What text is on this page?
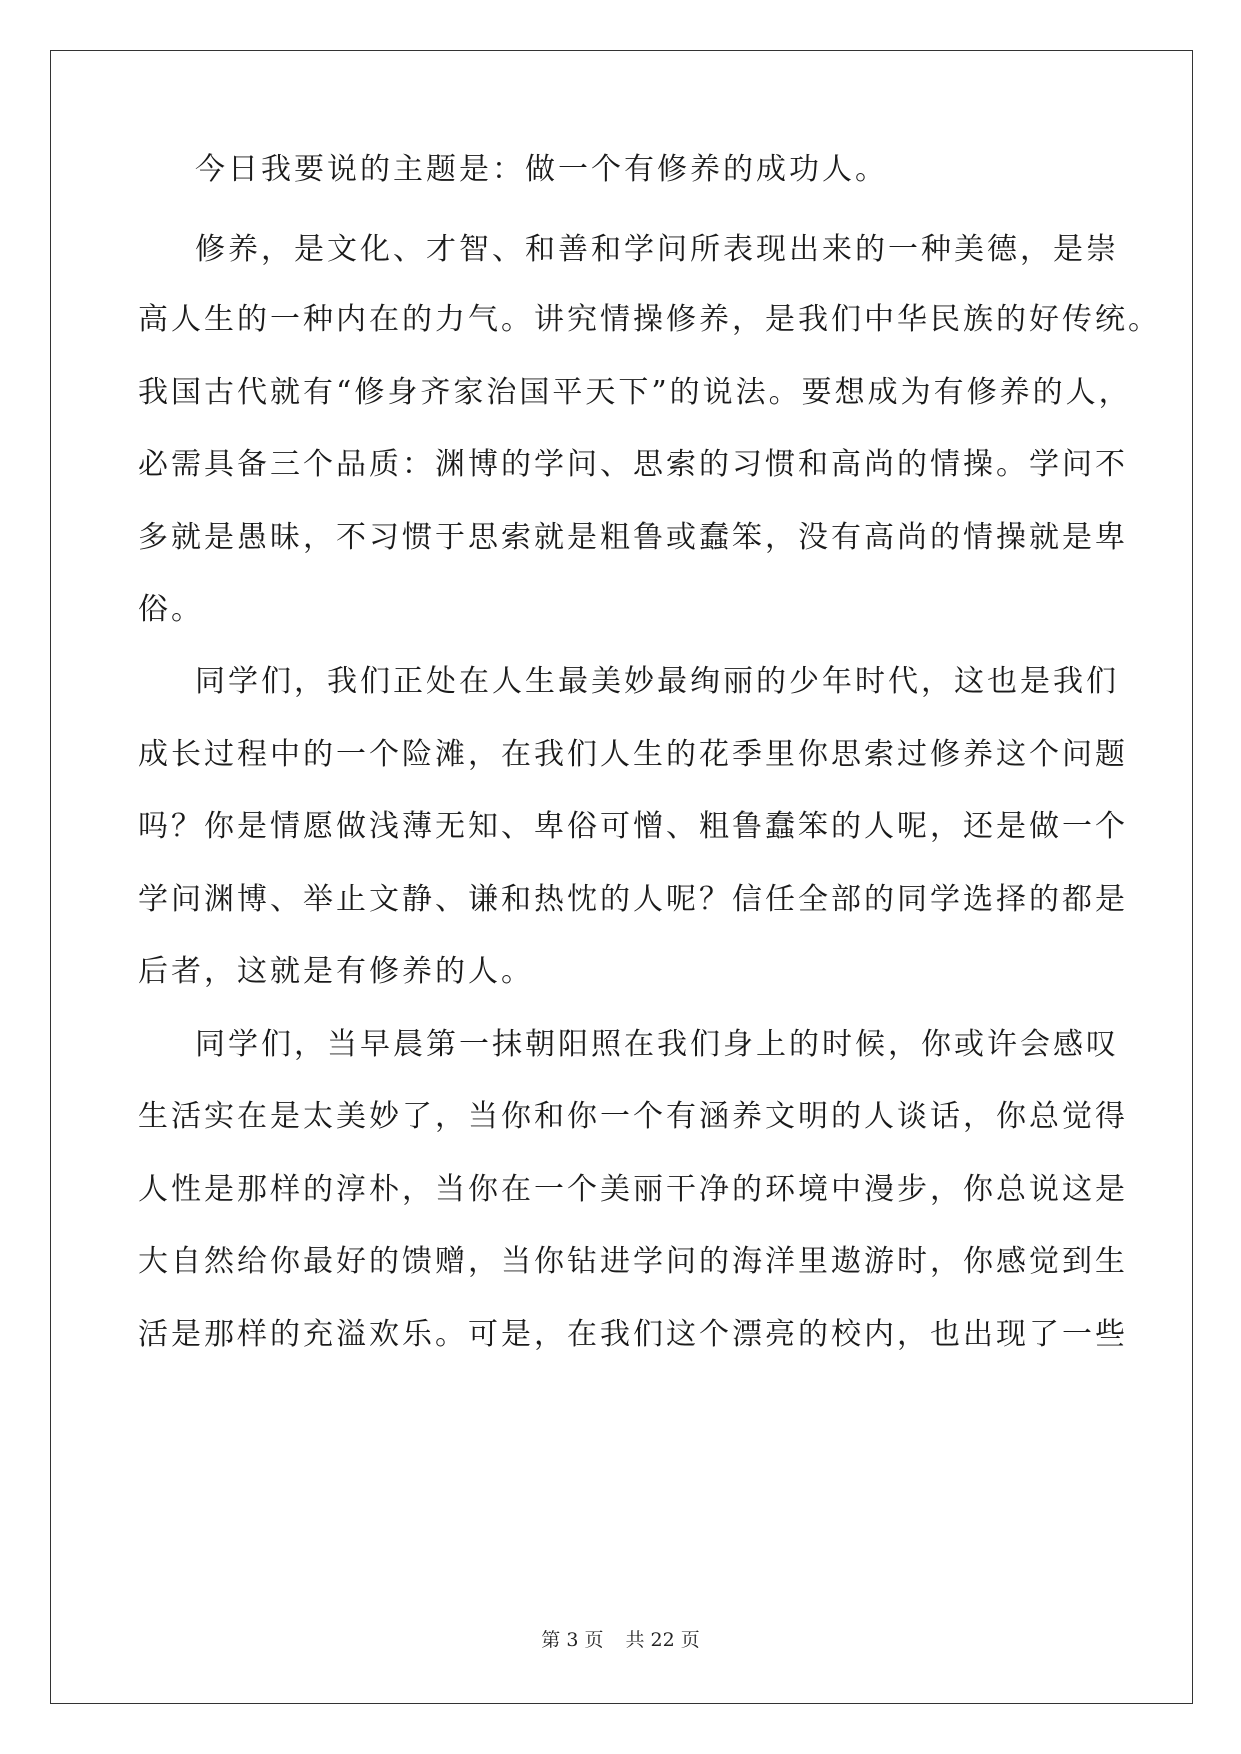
今日我要说的主题是：做一个有修养的成功人。
修养，是文化、才智、和善和学问所表现出来的一种美德，是崇
高人生的一种内在的力气。讲究情操修养，是我们中华民族的好传统。
我国古代就有“修身齐家治国平天下”的说法。要想成为有修养的人，
必需具备三个品质：渊博的学问、思索的习惯和高尚的情操。学问不
多就是愚昧，不习惯于思索就是粗鲁或蠢笨，没有高尚的情操就是卑
俗。
同学们，我们正处在人生最美妙最绚丽的少年时代，这也是我们
成长过程中的一个险滩，在我们人生的花季里你思索过修养这个问题
吗？你是情愿做浅薄无知、卑俗可憎、粗鲁蠢笨的人呢，还是做一个
学问渊博、举止文静、谦和热忱的人呢？信任全部的同学选择的都是
后者，这就是有修养的人。
同学们，当早晨第一抹朝阳照在我们身上的时候，你或许会感叹
生活实在是太美妙了，当你和你一个有涵养文明的人谈话，你总觉得
人性是那样的淳朴，当你在一个美丽干净的环境中漫步，你总说这是
大自然给你最好的馈赠，当你钻进学问的海洋里遨游时，你感觉到生
活是那样的充溢欢乐。可是，在我们这个漂亮的校内，也出现了一些
第 3 页 共 22 页
